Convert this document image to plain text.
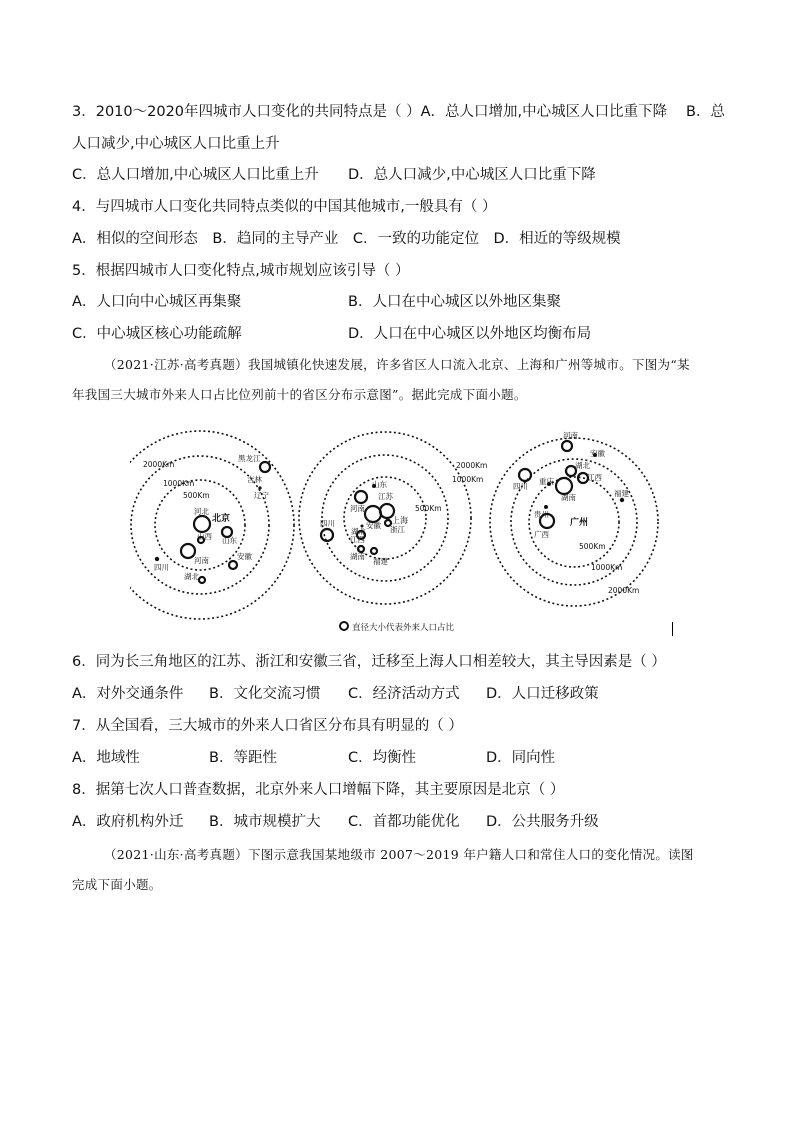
3．2010～2020年四城市人口变化的共同特点是（ ）A．总人口增加,中心城区人口比重下降 B．总
人口减少,中心城区人口比重上升
C．总人口增加,中心城区人口比重上升 D．总人口减少,中心城区人口比重下降
4．与四城市人口变化共同特点类似的中国其他城市,一般具有（ ）
A．相似的空间形态　B．趋同的主导产业　C．一致的功能定位　D．相近的等级规模
5．根据四城市人口变化特点,城市规划应该引导（ ）
A．人口向中心城区再集聚	B．人口在中心城区以外地区集聚
C．中心城区核心功能疏解	D．人口在中心城区以外地区均衡布局
（2021·江苏·高考真题）我国城镇化快速发展，许多省区人口流入北京、上海和广州等城市。下图为“某
年我国三大城市外来人口占比位列前十的省区分布示意图”。据此完成下面小题。
2000Km
1000Km
500Km
1000Km
500Km
2000Km
500Km
1000Km
2000Km
北京
黑龙江
吉林
辽宁
河北
山西 山东
四川
河南	安徽
湖北
上海
山东
江苏
河南
安徽 浙江
湖北
四川
江西
湖南
福建
广州
河南
安徽
湖北
四川
重庆	江西
湖南	福建
贵州
广西
直径大小代表外来人口占比
6．同为长三角地区的江苏、浙江和安徽三省，迁移至上海人口相差较大，其主导因素是（ ）
A．对外交通条件 B．文化交流习惯 C．经济活动方式 D．人口迁移政策
7．从全国看，三大城市的外来人口省区分布具有明显的（ ）
A．地域性	B．等距性	C．均衡性	D．同向性
8．据第七次人口普查数据，北京外来人口增幅下降，其主要原因是北京（ ）
A．政府机构外迁 B．城市规模扩大 C．首都功能优化 D．公共服务升级
（2021·山东·高考真题）下图示意我国某地级市 2007～2019 年户籍人口和常住人口的变化情况。读图
完成下面小题。
